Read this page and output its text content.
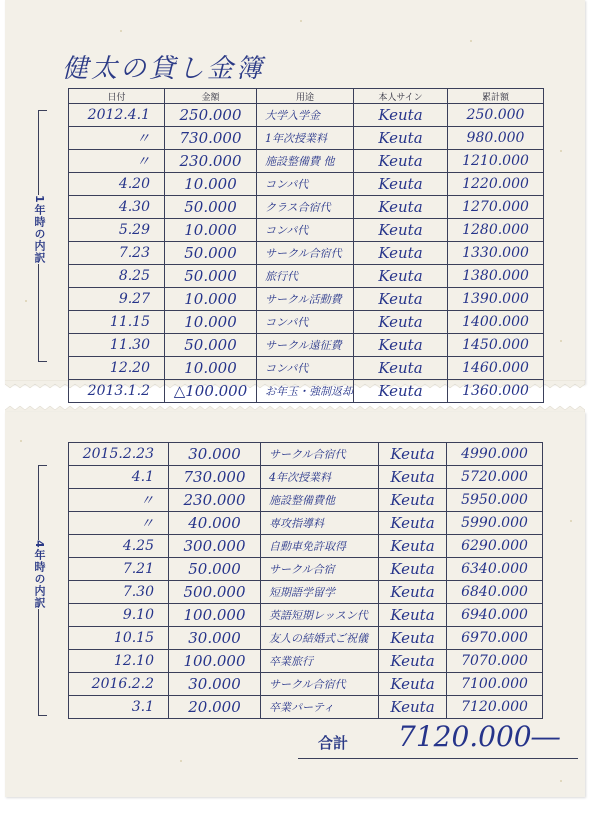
健太の貸し金簿
1年時の内訳
日付	金額	用途	本人サイン	累計額
2012.4.1	250.000	大学入学金	Keuta	250.000
〃	730.000	1年次授業料	Keuta	980.000
〃	230.000	施設整備費 他	Keuta	1210.000
4.20	10.000	コンパ代	Keuta	1220.000
4.30	50.000	クラス合宿代	Keuta	1270.000
5.29	10.000	コンパ代	Keuta	1280.000
7.23	50.000	サークル合宿代	Keuta	1330.000
8.25	50.000	旅行代	Keuta	1380.000
9.27	10.000	サークル活動費	Keuta	1390.000
11.15	10.000	コンパ代	Keuta	1400.000
11.30	50.000	サークル遠征費	Keuta	1450.000
12.20	10.000	コンパ代	Keuta	1460.000
2013.1.2	△100.000	お年玉・強制返却	Keuta	1360.000
4年時の内訳
2015.2.23	30.000	サークル合宿代	Keuta	4990.000
4.1	730.000	4年次授業料	Keuta	5720.000
〃	230.000	施設整備費他	Keuta	5950.000
〃	40.000	専攻指導料	Keuta	5990.000
4.25	300.000	自動車免許取得	Keuta	6290.000
7.21	50.000	サークル合宿	Keuta	6340.000
7.30	500.000	短期語学留学	Keuta	6840.000
9.10	100.000	英語短期レッスン代	Keuta	6940.000
10.15	30.000	友人の結婚式ご祝儀	Keuta	6970.000
12.10	100.000	卒業旅行	Keuta	7070.000
2016.2.2	30.000	サークル合宿代	Keuta	7100.000
3.1	20.000	卒業パーティ	Keuta	7120.000
合計 7120.000―
